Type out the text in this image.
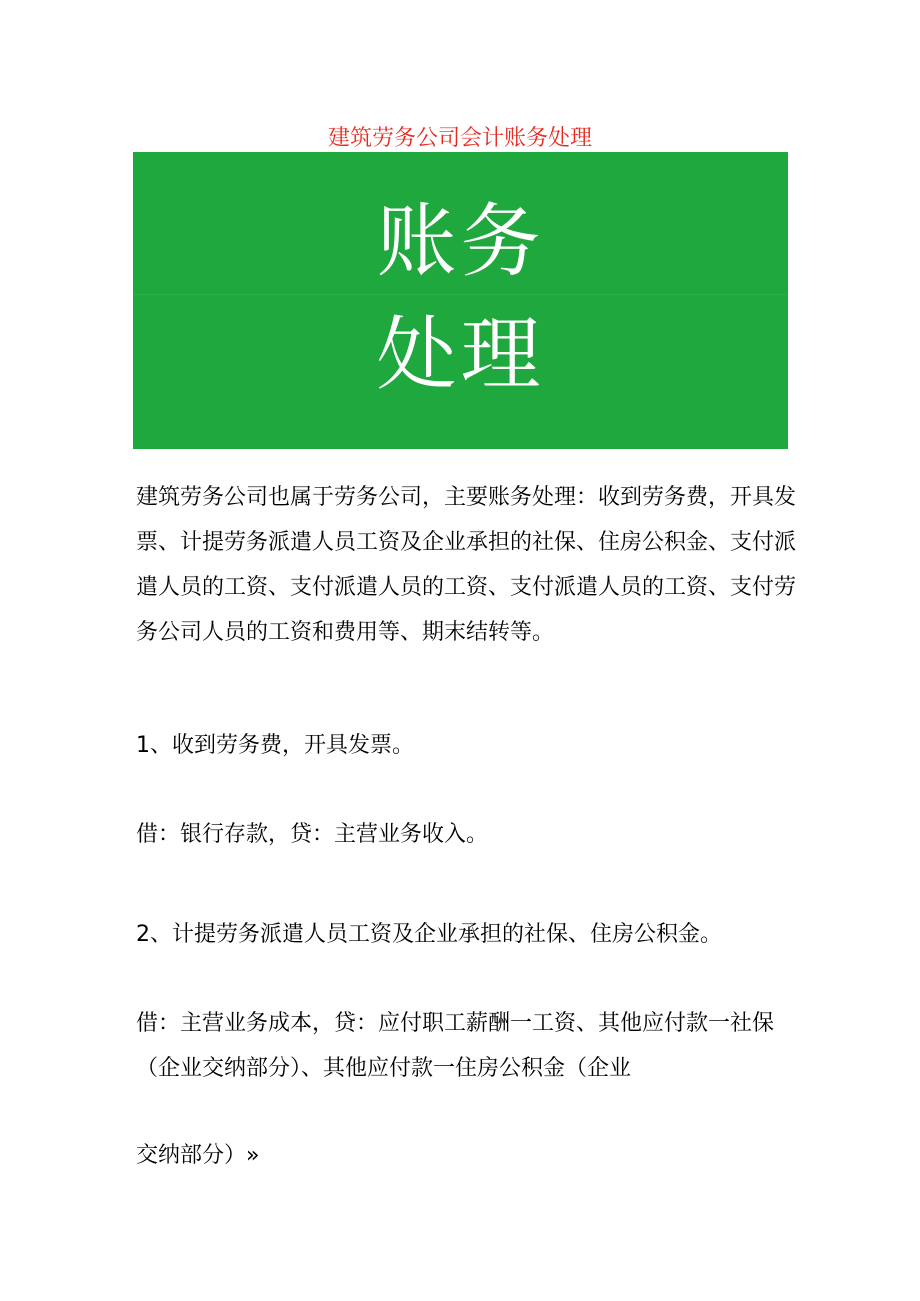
建筑劳务公司会计账务处理
账务
处理

建筑劳务公司也属于劳务公司，主要账务处理：收到劳务费，开具发票、计提劳务派遣人员工资及企业承担的社保、住房公积金、支付派遣人员的工资、支付派遣人员的工资、支付派遣人员的工资、支付劳务公司人员的工资和费用等、期末结转等。

1、收到劳务费，开具发票。

借：银行存款，贷：主营业务收入。

2、计提劳务派遣人员工资及企业承担的社保、住房公积金。

借：主营业务成本，贷：应付职工薪酬一工资、其他应付款一社保（企业交纳部分）、其他应付款一住房公积金（企业

交纳部分）»
